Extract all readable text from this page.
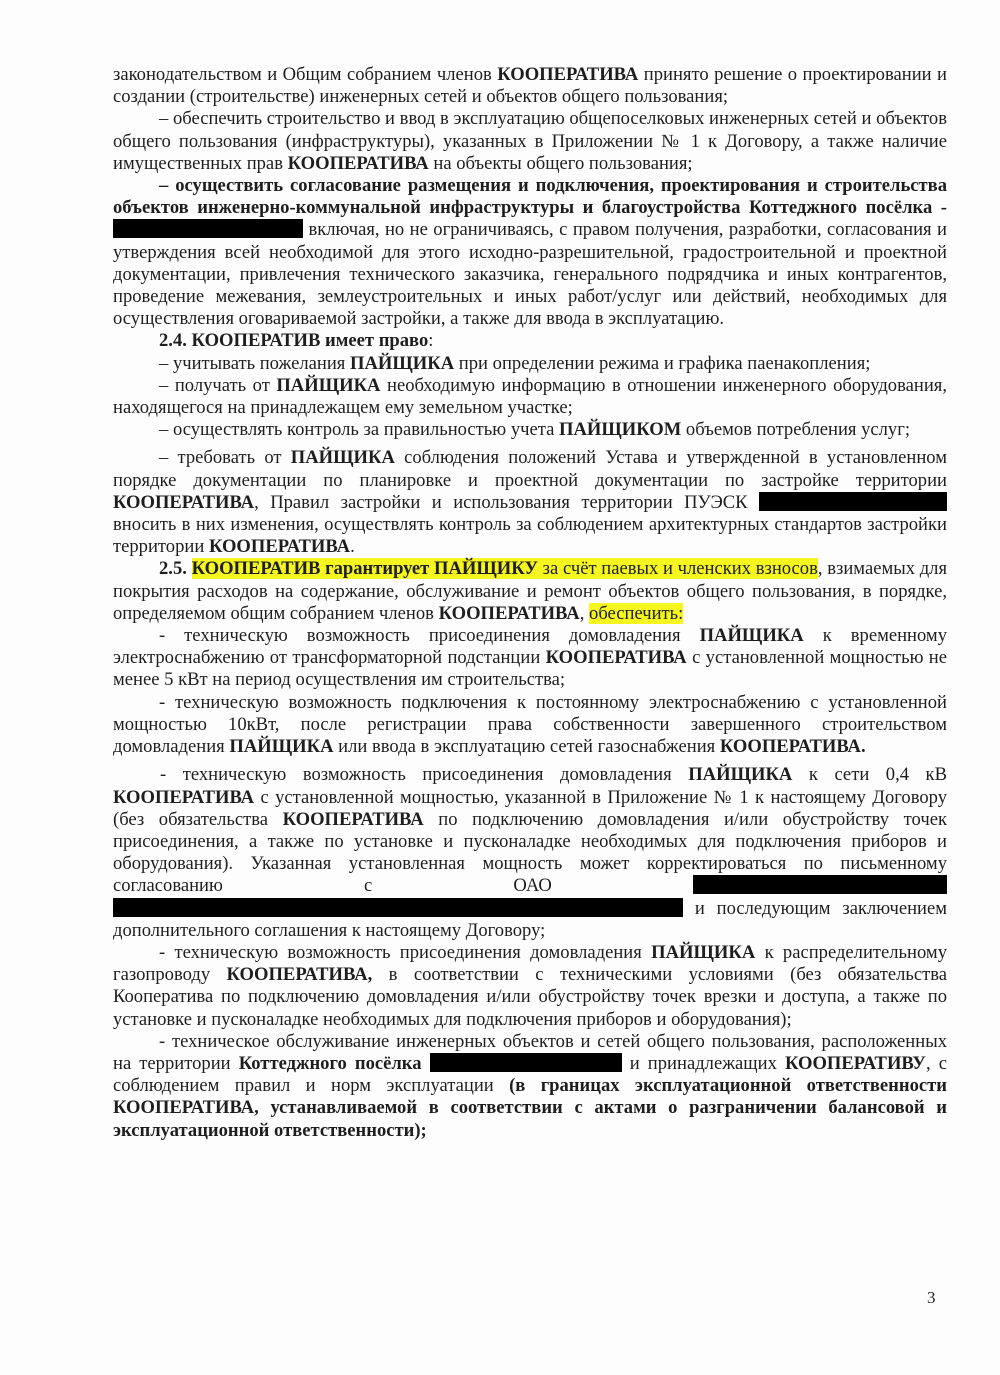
законодательством и Общим собранием членов КООПЕРАТИВА принято решение о проектировании и создании (строительстве) инженерных сетей и объектов общего пользования;

– обеспечить строительство и ввод в эксплуатацию общепоселковых инженерных сетей и объектов общего пользования (инфраструктуры), указанных в Приложении № 1 к Договору, а также наличие имущественных прав КООПЕРАТИВА на объекты общего пользования;

– осуществить согласование размещения и подключения, проектирования и строительства объектов инженерно-коммунальной инфраструктуры и благоустройства Коттеджного посёлка - включая, но не ограничиваясь, с правом получения, разработки, согласования и утверждения всей необходимой для этого исходно-разрешительной, градостроительной и проектной документации, привлечения технического заказчика, генерального подрядчика и иных контрагентов, проведение межевания, землеустроительных и иных работ/услуг или действий, необходимых для осуществления оговариваемой застройки, а также для ввода в эксплуатацию.

2.4. КООПЕРАТИВ имеет право:

– учитывать пожелания ПАЙЩИКА при определении режима и графика паенакопления;

– получать от ПАЙЩИКА необходимую информацию в отношении инженерного оборудования, находящегося на принадлежащем ему земельном участке;

– осуществлять контроль за правильностью учета ПАЙЩИКОМ объемов потребления услуг;

– требовать от ПАЙЩИКА соблюдения положений Устава и утвержденной в установленном порядке документации по планировке и проектной документации по застройке территории КООПЕРАТИВА, Правил застройки и использования территории ПУЭСК  вносить в них изменения, осуществлять контроль за соблюдением архитектурных стандартов застройки территории КООПЕРАТИВА.

2.5. КООПЕРАТИВ гарантирует ПАЙЩИКУ за счёт паевых и членских взносов, взимаемых для покрытия расходов на содержание, обслуживание и ремонт объектов общего пользования, в порядке, определяемом общим собранием членов КООПЕРАТИВА, обеспечить:

- техническую возможность присоединения домовладения ПАЙЩИКА к временному электроснабжению от трансформаторной подстанции КООПЕРАТИВА с установленной мощностью не менее 5 кВт на период осуществления им строительства;

- техническую возможность подключения к постоянному электроснабжению с установленной мощностью 10кВт, после регистрации права собственности завершенного строительством домовладения ПАЙЩИКА или ввода в эксплуатацию сетей газоснабжения КООПЕРАТИВА.

- техническую возможность присоединения домовладения ПАЙЩИКА к сети 0,4 кВ КООПЕРАТИВА с установленной мощностью, указанной в Приложение № 1 к настоящему Договору (без обязательства КООПЕРАТИВА по подключению домовладения и/или обустройству точек присоединения, а также по установке и пусконаладке необходимых для подключения приборов и оборудования). Указанная установленная мощность может корректироваться по письменному согласованию с ОАО   и последующим заключением дополнительного соглашения к настоящему Договору;

- техническую возможность присоединения домовладения ПАЙЩИКА к распределительному газопроводу КООПЕРАТИВА, в соответствии с техническими условиями (без обязательства Кооператива по подключению домовладения и/или обустройству точек врезки и доступа, а также по установке и пусконаладке необходимых для подключения приборов и оборудования);

- техническое обслуживание инженерных объектов и сетей общего пользования, расположенных на территории Коттеджного посёлка	и принадлежащих КООПЕРАТИВУ, с соблюдением правил и норм эксплуатации (в границах эксплуатационной ответственности КООПЕРАТИВА, устанавливаемой в соответствии с актами о разграничении балансовой и эксплуатационной ответственности);

3
